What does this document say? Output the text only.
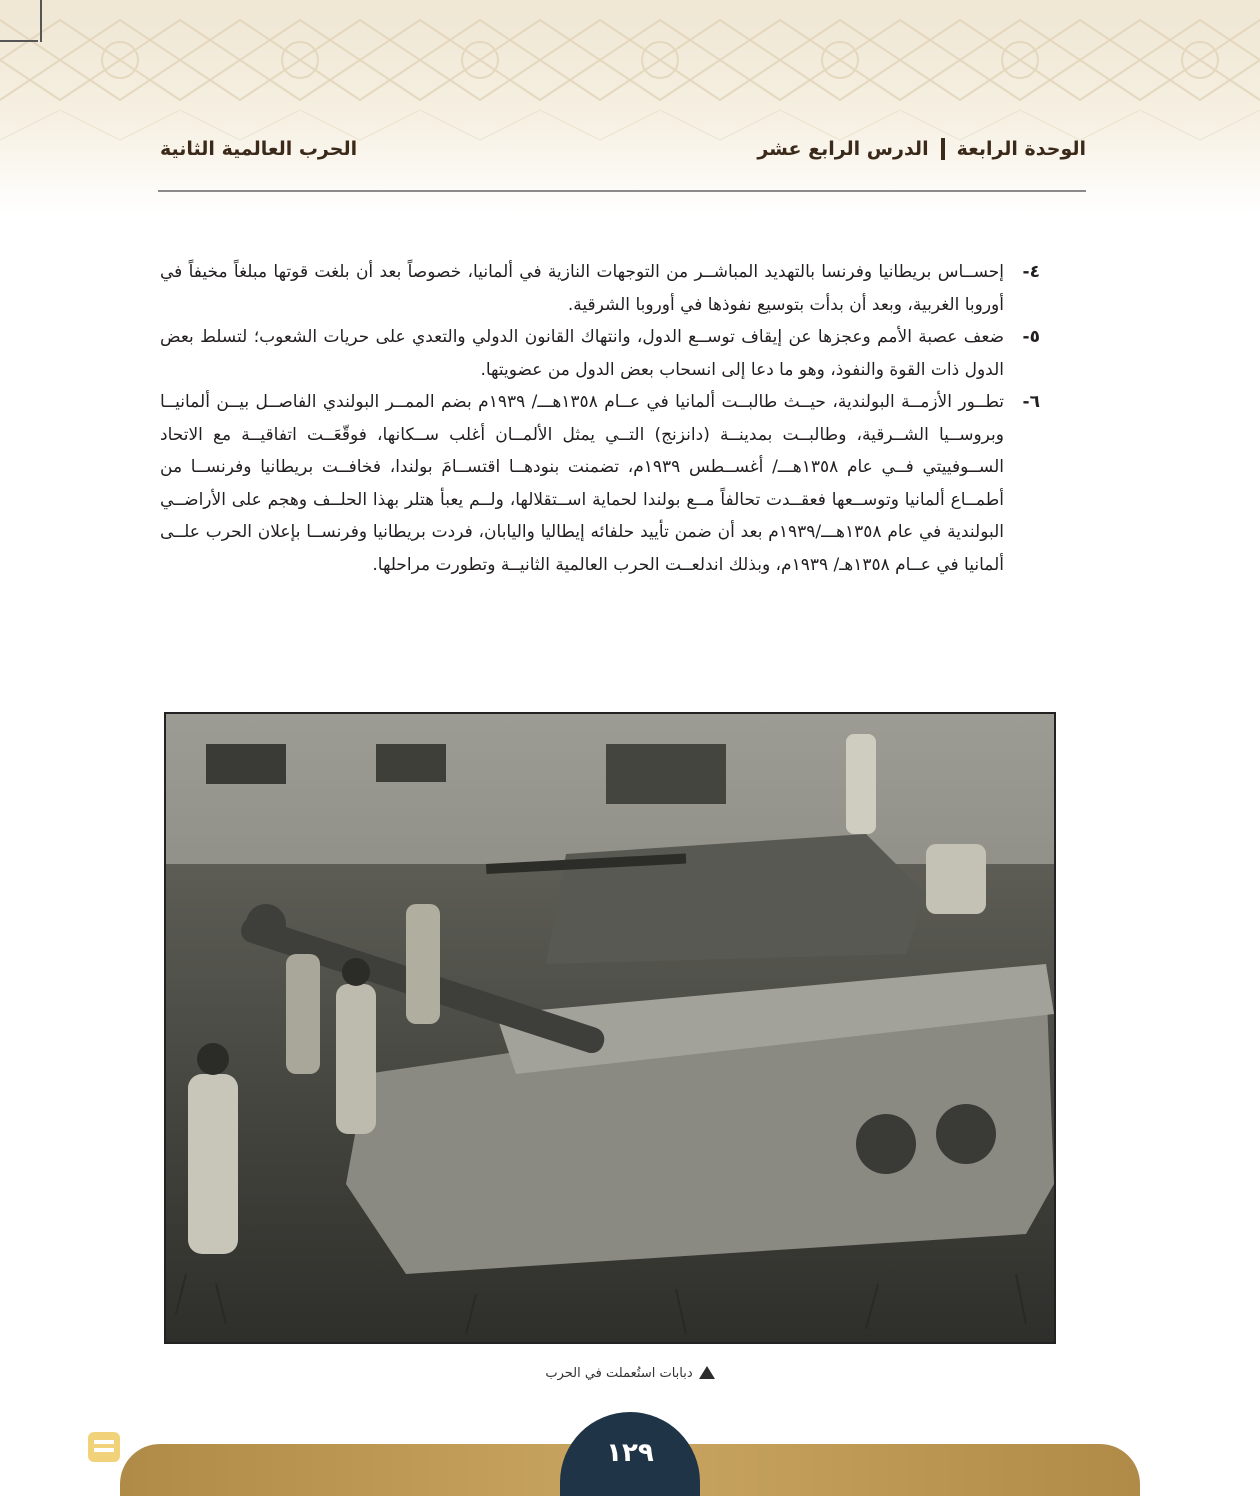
الوحدة الرابعة
الدرس الرابع عشر
الحرب العالمية الثانية

٤-
إحســاس بريطانيا وفرنسا بالتهديد المباشــر من التوجهات النازية في ألمانيا، خصوصاً بعد أن بلغت قوتها مبلغاً مخيفاً في أوروبا الغربية، وبعد أن بدأت بتوسيع نفوذها في أوروبا الشرقية.

٥-
ضعف عصبة الأمم وعجزها عن إيقاف توســع الدول، وانتهاك القانون الدولي والتعدي على حريات الشعوب؛ لتسلط بعض الدول ذات القوة والنفوذ، وهو ما دعا إلى انسحاب بعض الدول من عضويتها.

٦-
تطــور الأزمــة البولندية، حيــث طالبــت ألمانيا في عــام ١٣٥٨هـــ/ ١٩٣٩م بضم الممــر البولندي الفاصــل بيــن ألمانيــا وبروســيا الشــرقية، وطالبــت بمدينــة (دانزنج) التــي يمثل الألمــان أغلب ســكانها، فوقّعَــت اتفاقيــة مع الاتحاد الســوفييتي فــي عام ١٣٥٨هـــ/ أغســطس ١٩٣٩م، تضمنت بنودهــا اقتســامَ بولندا، فخافــت بريطانيا وفرنســا من أطمــاع ألمانيا وتوســعها فعقــدت تحالفاً مــع بولندا لحماية اســتقلالها، ولــم يعبأ هتلر بهذا الحلــف وهجم على الأراضــي البولندية في عام ١٣٥٨هـــ/١٩٣٩م بعد أن ضمن تأييد حلفائه إيطاليا واليابان، فردت بريطانيا وفرنســا بإعلان الحرب علــى ألمانيا في عــام ١٣٥٨هـ/ ١٩٣٩م، وبذلك اندلعــت الحرب العالمية الثانيــة وتطورت مراحلها.

دبابات استُعملت في الحرب
١٢٩
